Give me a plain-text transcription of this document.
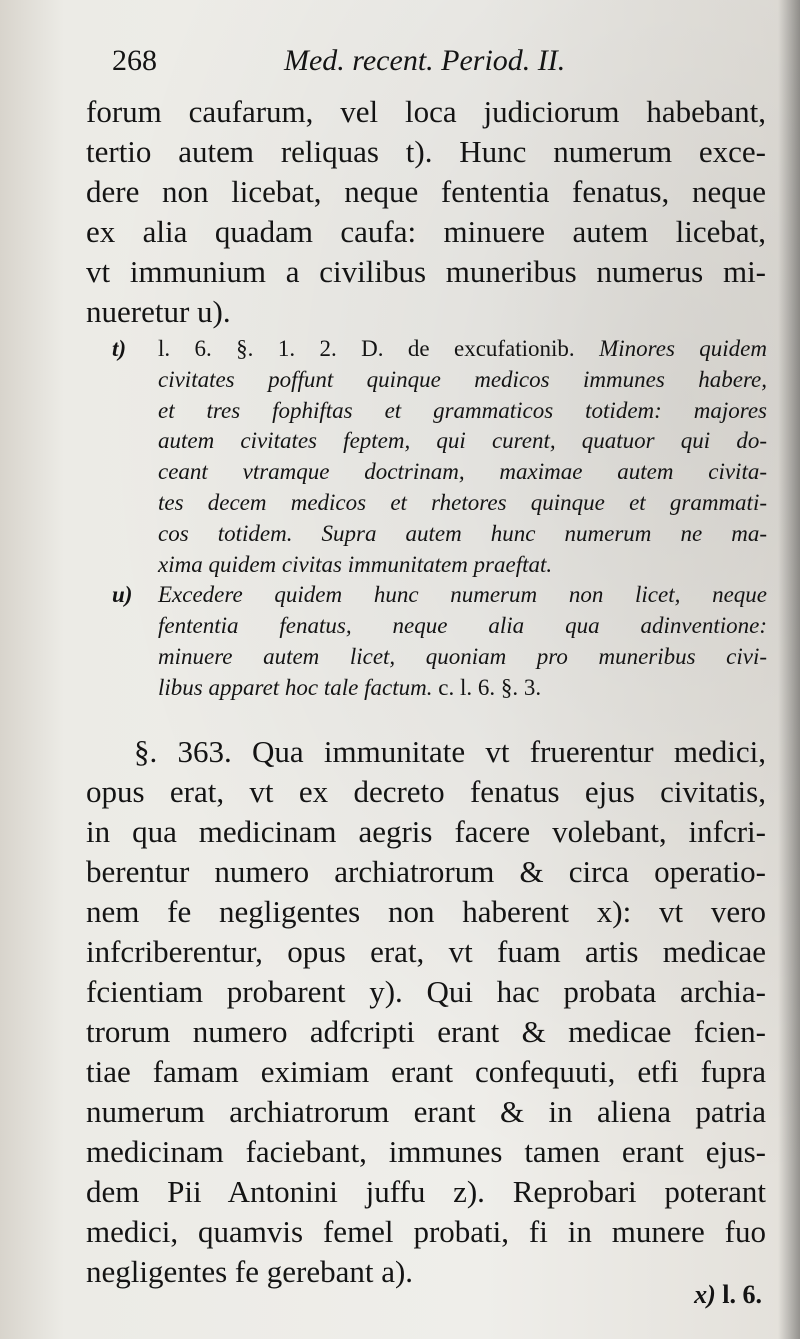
268	Med. recent. Period. II.
forum caufarum, vel loca judiciorum habebant,
tertio autem reliquas t). Hunc numerum exce-
dere non licebat, neque fententia fenatus, neque
ex alia quadam caufa: minuere autem licebat,
vt immunium a civilibus muneribus numerus mi-
nueretur u).
t) l. 6. §. 1. 2. D. de excufationib. Minores quidem
civitates poffunt quinque medicos immunes habere,
et tres fophiftas et grammaticos totidem: majores
autem civitates feptem, qui curent, quatuor qui do-
ceant vtramque doctrinam, maximae autem civita-
tes decem medicos et rhetores quinque et grammati-
cos totidem. Supra autem hunc numerum ne ma-
xima quidem civitas immunitatem praeftat.
u) Excedere quidem hunc numerum non licet, neque
fententia fenatus, neque alia qua adinventione:
minuere autem licet, quoniam pro muneribus civi-
libus apparet hoc tale factum. c. l. 6. §. 3.
§. 363. Qua immunitate vt fruerentur medici,
opus erat, vt ex decreto fenatus ejus civitatis,
in qua medicinam aegris facere volebant, infcri-
berentur numero archiatrorum & circa operatio-
nem fe negligentes non haberent x): vt vero
infcriberentur, opus erat, vt fuam artis medicae
fcientiam probarent y). Qui hac probata archia-
trorum numero adfcripti erant & medicae fcien-
tiae famam eximiam erant confequuti, etfi fupra
numerum archiatrorum erant & in aliena patria
medicinam faciebant, immunes tamen erant ejus-
dem Pii Antonini juffu z). Reprobari poterant
medici, quamvis femel probati, fi in munere fuo
negligentes fe gerebant a).
x) l. 6.
